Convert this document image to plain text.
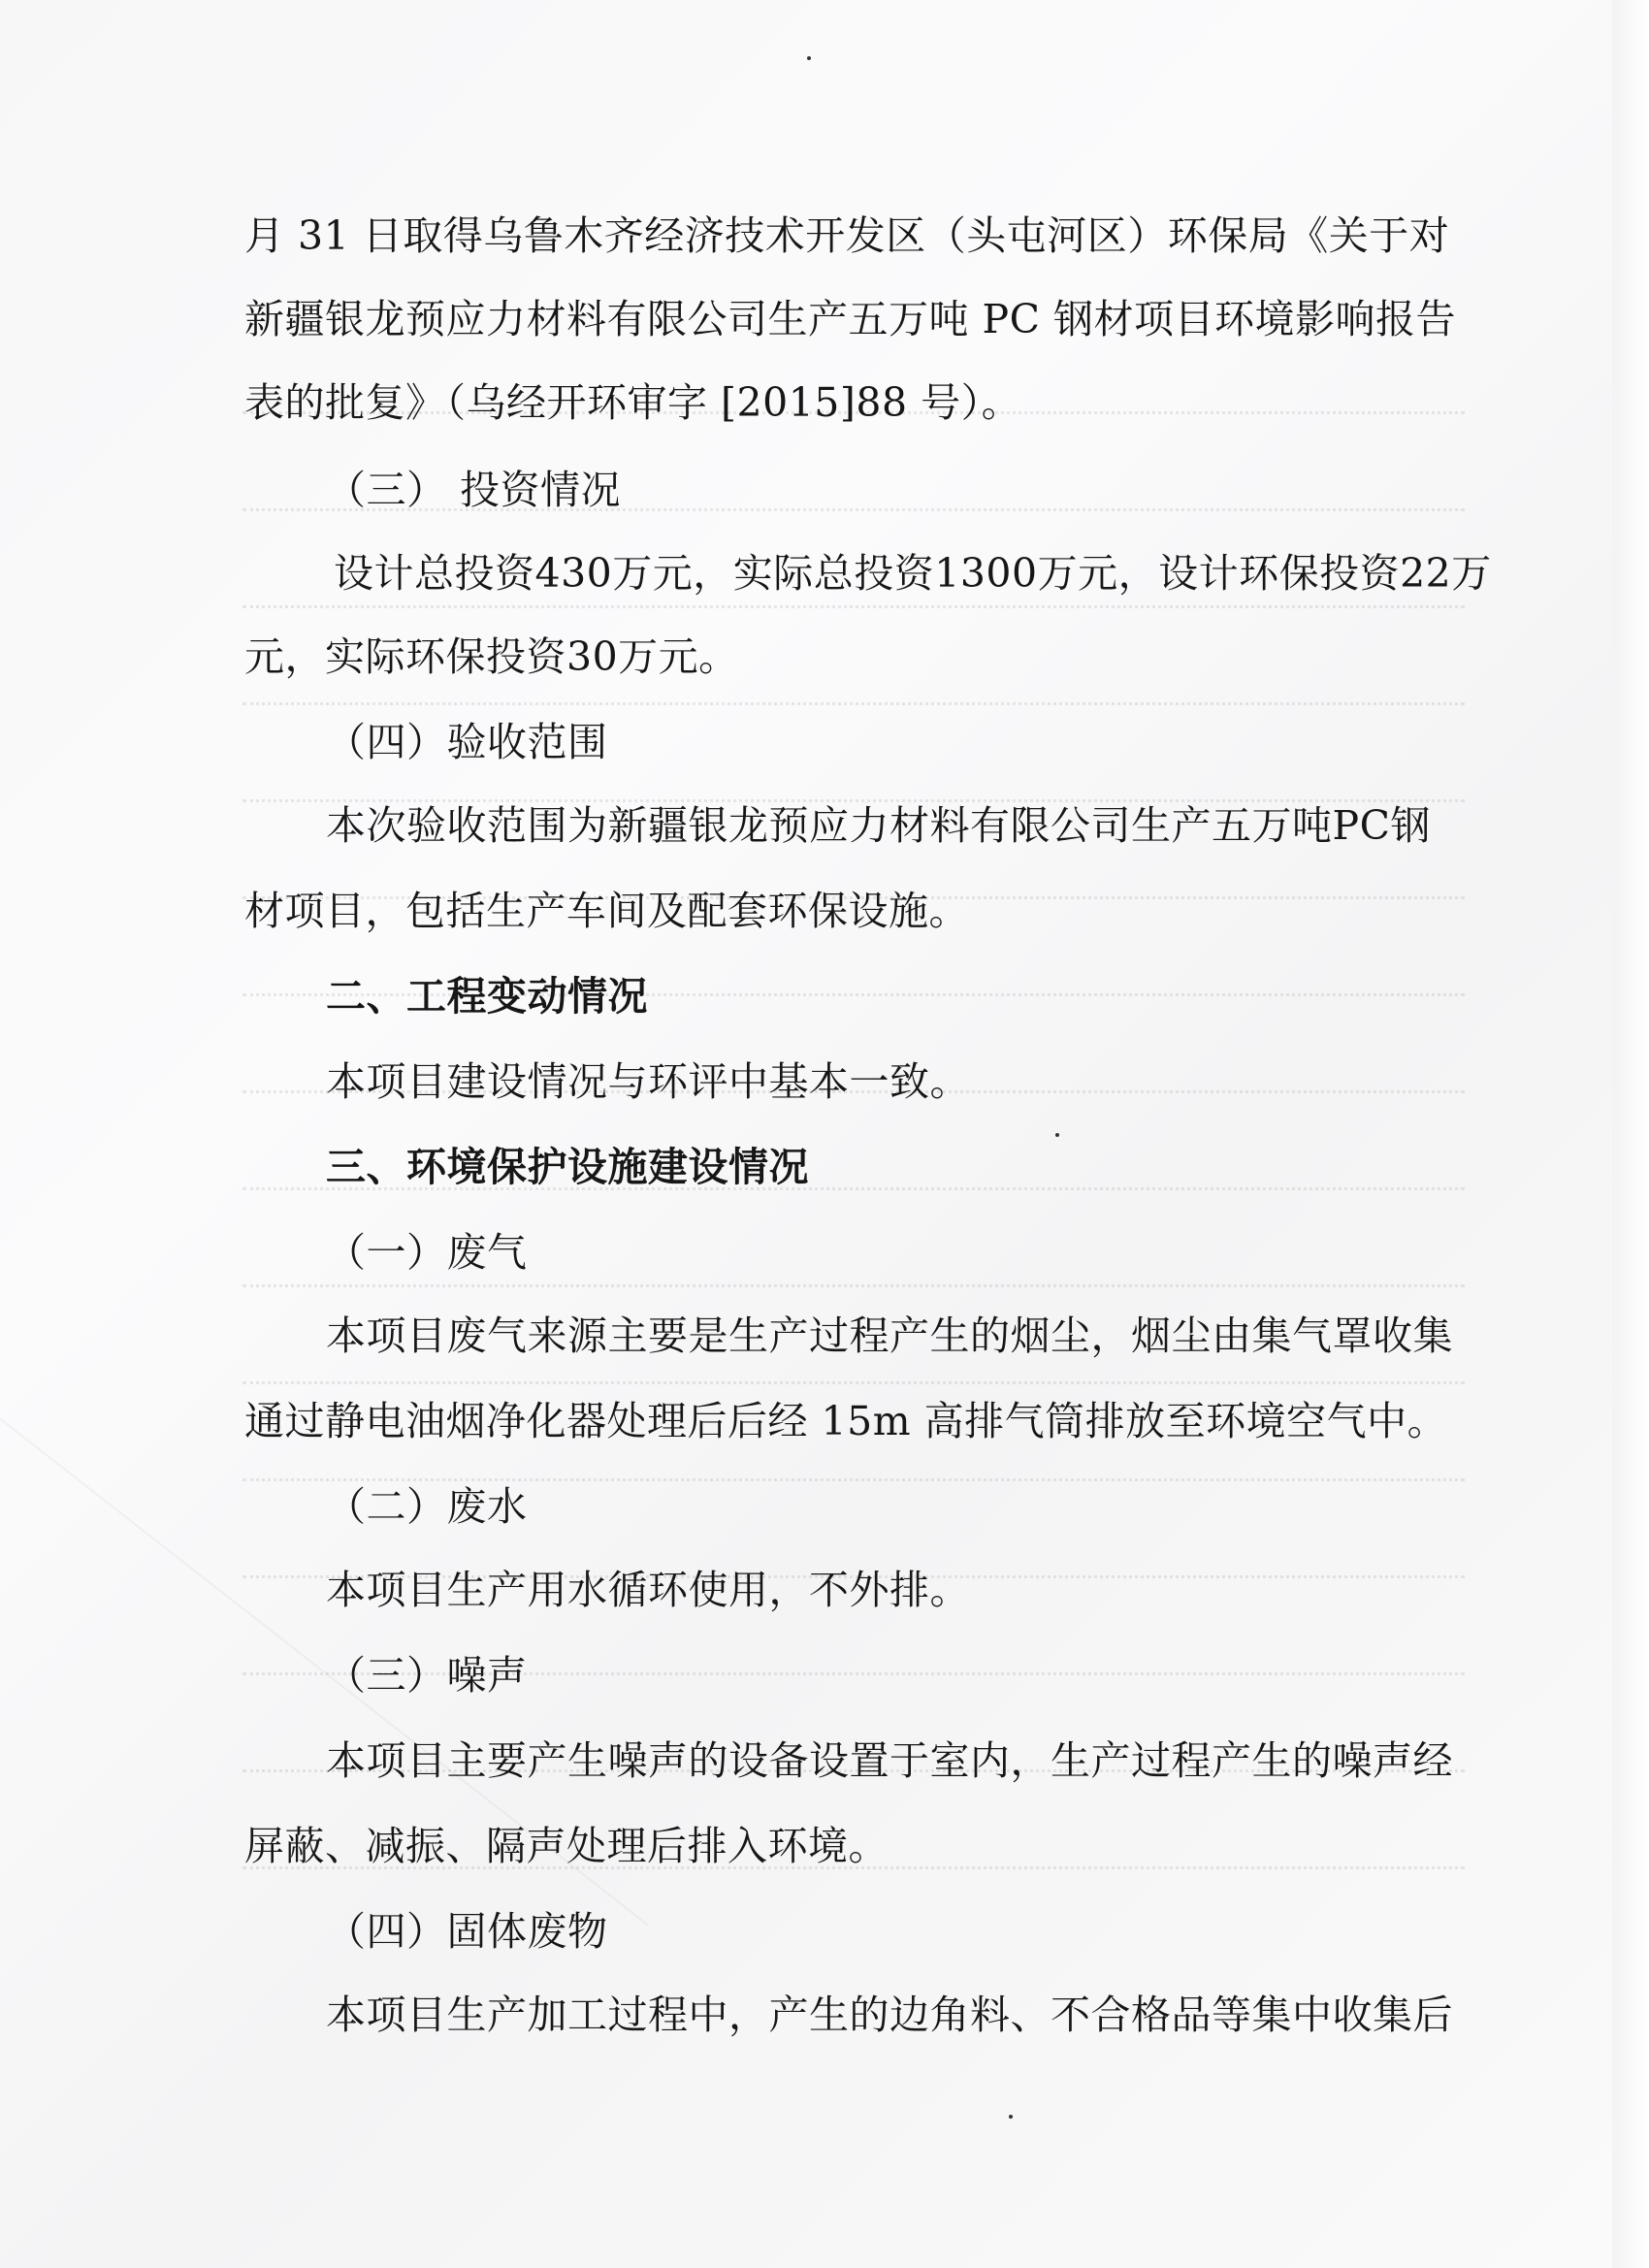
月 31 日取得乌鲁木齐经济技术开发区（头屯河区）环保局《关于对
新疆银龙预应力材料有限公司生产五万吨 PC 钢材项目环境影响报告
表的批复》（乌经开环审字 [2015]88 号）。
（三） 投资情况
设计总投资430万元，实际总投资1300万元，设计环保投资22万
元，实际环保投资30万元。
（四）验收范围
本次验收范围为新疆银龙预应力材料有限公司生产五万吨PC钢
材项目，包括生产车间及配套环保设施。
二、工程变动情况
本项目建设情况与环评中基本一致。
三、环境保护设施建设情况
（一）废气
本项目废气来源主要是生产过程产生的烟尘，烟尘由集气罩收集
通过静电油烟净化器处理后后经 15m 高排气筒排放至环境空气中。
（二）废水
本项目生产用水循环使用，不外排。
（三）噪声
本项目主要产生噪声的设备设置于室内，生产过程产生的噪声经
屏蔽、减振、隔声处理后排入环境。
（四）固体废物
本项目生产加工过程中，产生的边角料、不合格品等集中收集后
